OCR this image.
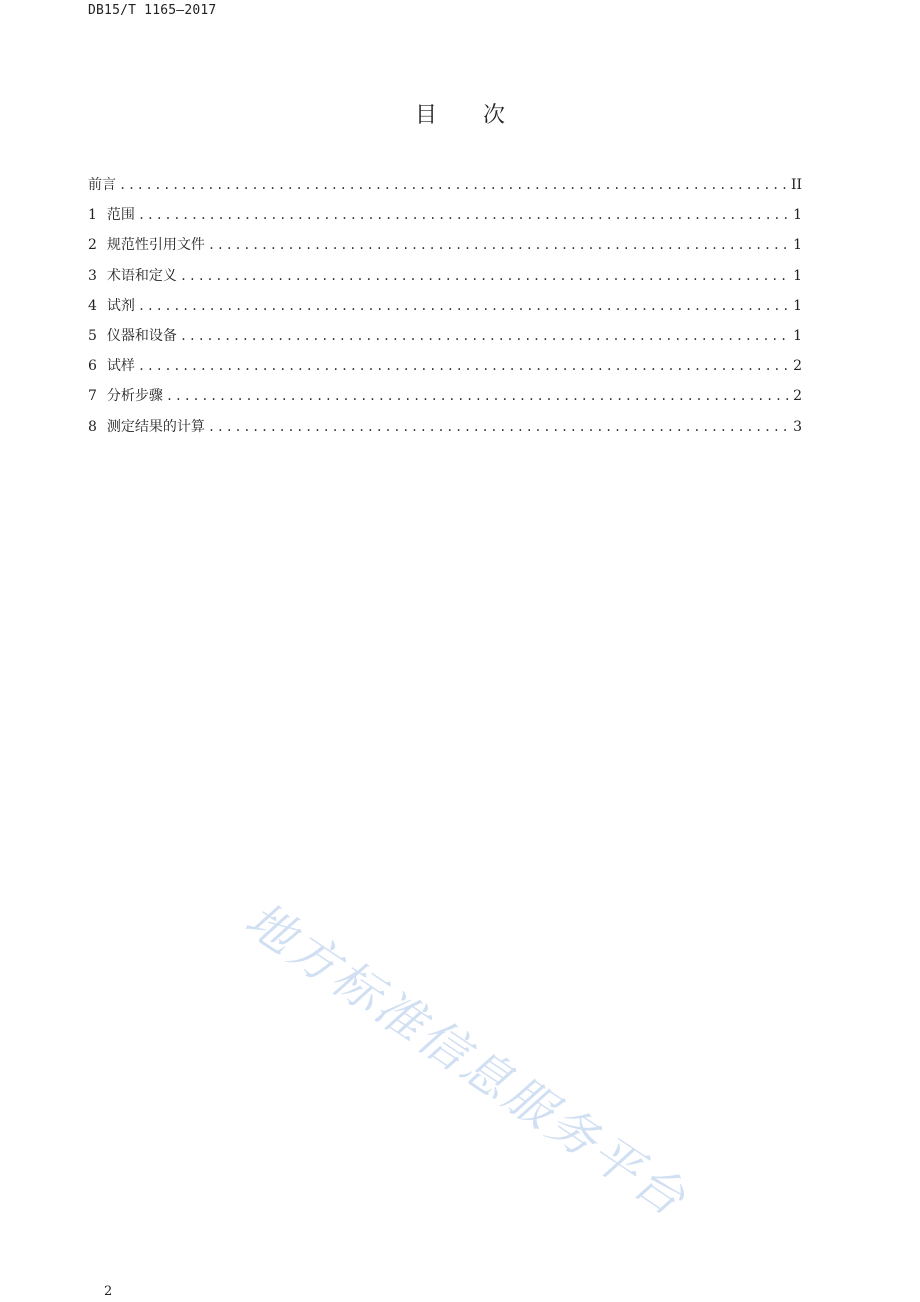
DB15/T 1165—2017
目次
前言 .....	II
1 范围 .....	1
2 规范性引用文件 .....	1
3 术语和定义 .....	1
4 试剂 .....	1
5 仪器和设备 .....	1
6 试样 .....	2
7 分析步骤 .....	2
8 测定结果的计算 .....	3
地方标准信息服务平台
2
